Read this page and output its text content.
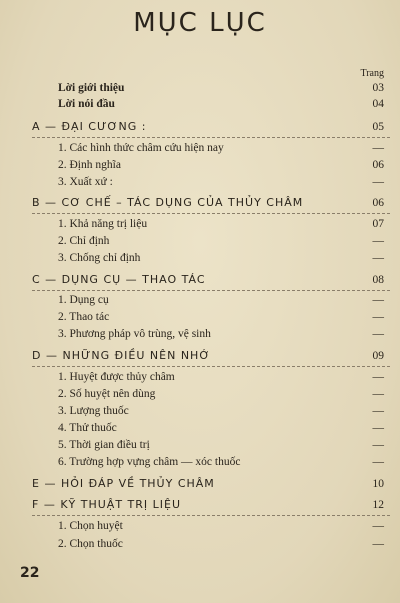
MỤC LỤC
Trang
Lời giới thiệu	03
Lời nói đầu	04
A — ĐẠI CƯƠNG :	05
1. Các hình thức châm cứu hiện nay	—
2. Định nghĩa	06
3. Xuất xứ :	—
B — CƠ CHẾ – TÁC DỤNG CỦA THỦY CHÂM	06
1. Khả năng trị liệu	07
2. Chỉ định	—
3. Chống chỉ định	—
C — DỤNG CỤ — THAO TÁC	08
1. Dụng cụ	—
2. Thao tác	—
3. Phương pháp vô trùng, vệ sinh	—
D — NHỮNG ĐIỀU NÊN NHỚ	09
1. Huyệt được thủy châm	—
2. Số huyệt nên dùng	—
3. Lượng thuốc	—
4. Thử thuốc	—
5. Thời gian điều trị	—
6. Trường hợp vựng châm — xóc thuốc	—
E — HỎI ĐÁP VỀ THỦY CHÂM	10
F — KỸ THUẬT TRỊ LIỆU	12
1. Chọn huyệt	—
2. Chọn thuốc	—
22
